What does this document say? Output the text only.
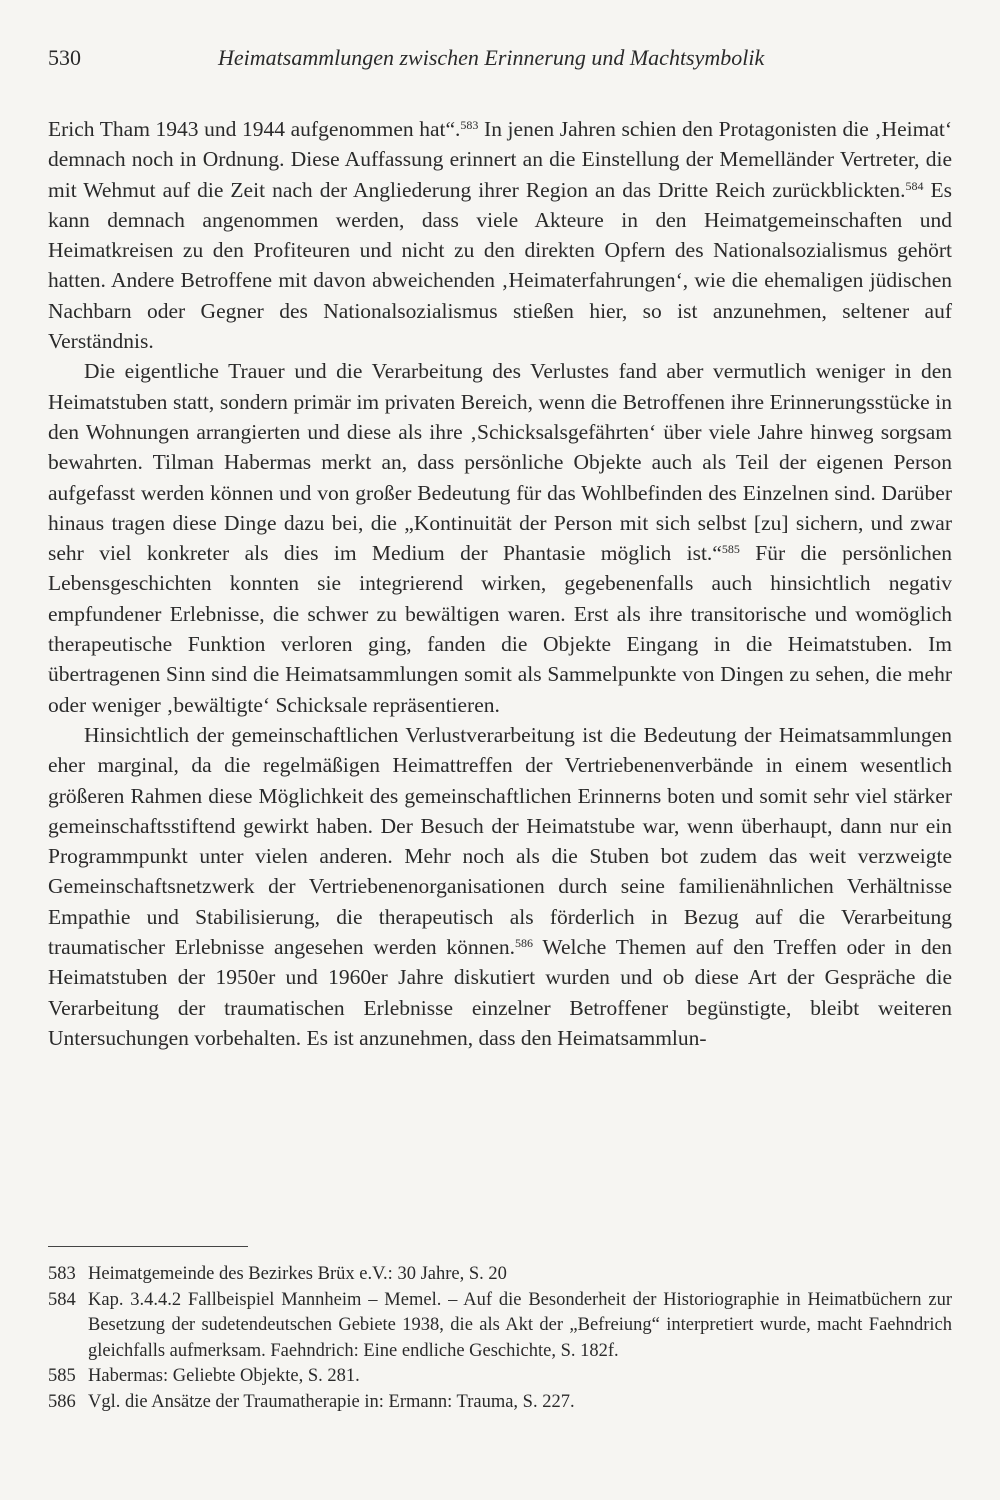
530	Heimatsammlungen zwischen Erinnerung und Machtsymbolik

Erich Tham 1943 und 1944 aufgenommen hat“.$^{583}$ In jenen Jahren schien den Protagonisten die ‚Heimat‘ demnach noch in Ordnung. Diese Auffassung erinnert an die Einstellung der Memelländer Vertreter, die mit Wehmut auf die Zeit nach der Angliederung ihrer Region an das Dritte Reich zurückblickten.$^{584}$ Es kann demnach angenommen werden, dass viele Akteure in den Heimatgemeinschaften und Heimatkreisen zu den Profiteuren und nicht zu den direkten Opfern des Nationalsozialismus gehört hatten. Andere Betroffene mit davon abweichenden ‚Heimaterfahrungen‘, wie die ehemaligen jüdischen Nachbarn oder Gegner des Nationalsozialismus stießen hier, so ist anzunehmen, seltener auf Verständnis.

Die eigentliche Trauer und die Verarbeitung des Verlustes fand aber vermutlich weniger in den Heimatstuben statt, sondern primär im privaten Bereich, wenn die Betroffenen ihre Erinnerungsstücke in den Wohnungen arrangierten und diese als ihre ‚Schicksalsgefährten‘ über viele Jahre hinweg sorgsam bewahrten. Tilman Habermas merkt an, dass persönliche Objekte auch als Teil der eigenen Person aufgefasst werden können und von großer Bedeutung für das Wohlbefinden des Einzelnen sind. Darüber hinaus tragen diese Dinge dazu bei, die „Kontinuität der Person mit sich selbst [zu] sichern, und zwar sehr viel konkreter als dies im Medium der Phantasie möglich ist.“$^{585}$ Für die persönlichen Lebensgeschichten konnten sie integrierend wirken, gegebenenfalls auch hinsichtlich negativ empfundener Erlebnisse, die schwer zu bewältigen waren. Erst als ihre transitorische und womöglich therapeutische Funktion verloren ging, fanden die Objekte Eingang in die Heimatstuben. Im übertragenen Sinn sind die Heimatsammlungen somit als Sammelpunkte von Dingen zu sehen, die mehr oder weniger ‚bewältigte‘ Schicksale repräsentieren.

Hinsichtlich der gemeinschaftlichen Verlustverarbeitung ist die Bedeutung der Heimatsammlungen eher marginal, da die regelmäßigen Heimattreffen der Vertriebenenverbände in einem wesentlich größeren Rahmen diese Möglichkeit des gemeinschaftlichen Erinnerns boten und somit sehr viel stärker gemeinschaftsstiftend gewirkt haben. Der Besuch der Heimatstube war, wenn überhaupt, dann nur ein Programmpunkt unter vielen anderen. Mehr noch als die Stuben bot zudem das weit verzweigte Gemeinschaftsnetzwerk der Vertriebenenorganisationen durch seine familienähnlichen Verhältnisse Empathie und Stabilisierung, die therapeutisch als förderlich in Bezug auf die Verarbeitung traumatischer Erlebnisse angesehen werden können.$^{586}$ Welche Themen auf den Treffen oder in den Heimatstuben der 1950er und 1960er Jahre diskutiert wurden und ob diese Art der Gespräche die Verarbeitung der traumatischen Erlebnisse einzelner Betroffener begünstigte, bleibt weiteren Untersuchungen vorbehalten. Es ist anzunehmen, dass den Heimatsammlun-

583 Heimatgemeinde des Bezirkes Brüx e.V.: 30 Jahre, S. 20
584 Kap. 3.4.4.2 Fallbeispiel Mannheim – Memel. – Auf die Besonderheit der Historiographie in Heimatbüchern zur Besetzung der sudetendeutschen Gebiete 1938, die als Akt der „Befreiung“ interpretiert wurde, macht Faehndrich gleichfalls aufmerksam. Faehndrich: Eine endliche Geschichte, S. 182f.
585 Habermas: Geliebte Objekte, S. 281.
586 Vgl. die Ansätze der Traumatherapie in: Ermann: Trauma, S. 227.
